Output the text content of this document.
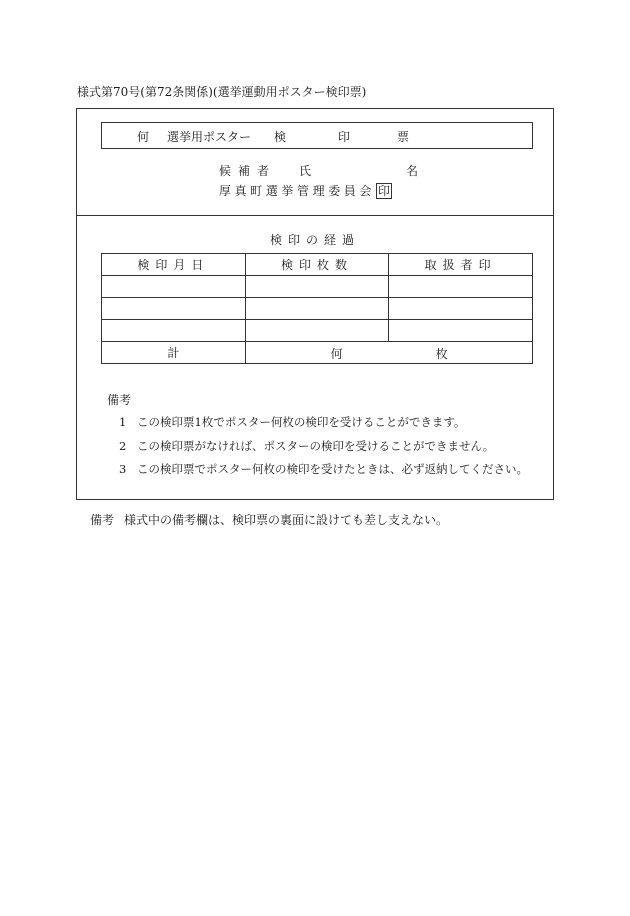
様式第70号(第72条関係)(選挙運動用ポスター検印票)
何 選挙用ポスター 検	印	票
候補者 氏	名
厚真町選挙管理委員会 印
検印の経過
検印月日	検印枚数	取扱者印

計	何 枚	
備考
1 この検印票1枚でポスター何枚の検印を受けることができます。
2 この検印票がなければ、ポスターの検印を受けることができません。
3 この検印票でポスター何枚の検印を受けたときは、必ず返納してください。
備考 様式中の備考欄は、検印票の裏面に設けても差し支えない。
